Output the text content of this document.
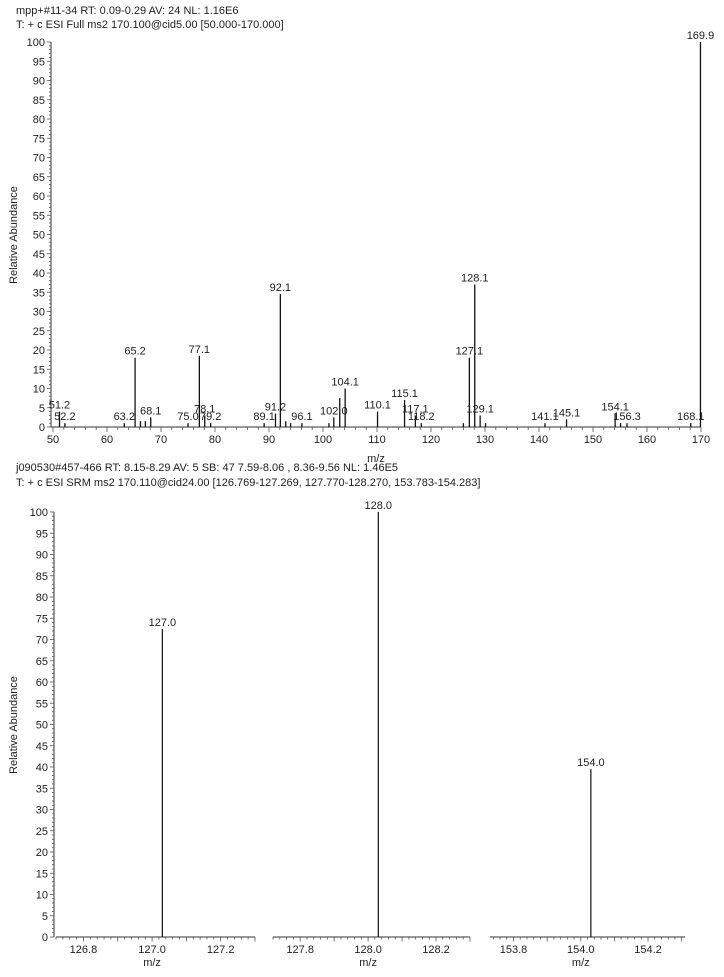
mpp+#11-34 RT: 0.09-0.29 AV: 24 NL: 1.16E6
T: + c ESI Full ms2 170.100@cid5.00 [50.000-170.000]
j090530#457-466 RT: 8.15-8.29 AV: 5 SB: 47 7.59-8.06 , 8.36-9.56 NL: 1.46E5
T: + c ESI SRM ms2 170.110@cid24.00 [126.769-127.269, 127.770-128.270, 153.783-154.283]
Relative Abundance
m/z
Relative Abundance
0
5
10
15
20
25
30
35
40
45
50
55
60
65
70
75
80
85
90
95
100
50	60	70	80	90	100	110	120	130	140	150	160	170
51.2
52.2	63.2
65.2
68.1 75.0
77.1
78.1
79.2	89.1
91.2
92.1
96.1 102.0
104.1
110.1
115.1
117.1
118.2
127.1
128.1
129.1
141.1
145.1 154.1
156.3	168.1
169.9
0
5
10
15
20
25
30
35
40
45
50
55
60
65
70
75
80
85
90
95
100
126.8	127.0	127.2
m/z
127.0
127.8	128.0	128.2
m/z
128.0
153.8	154.0	154.2
m/z
154.0
